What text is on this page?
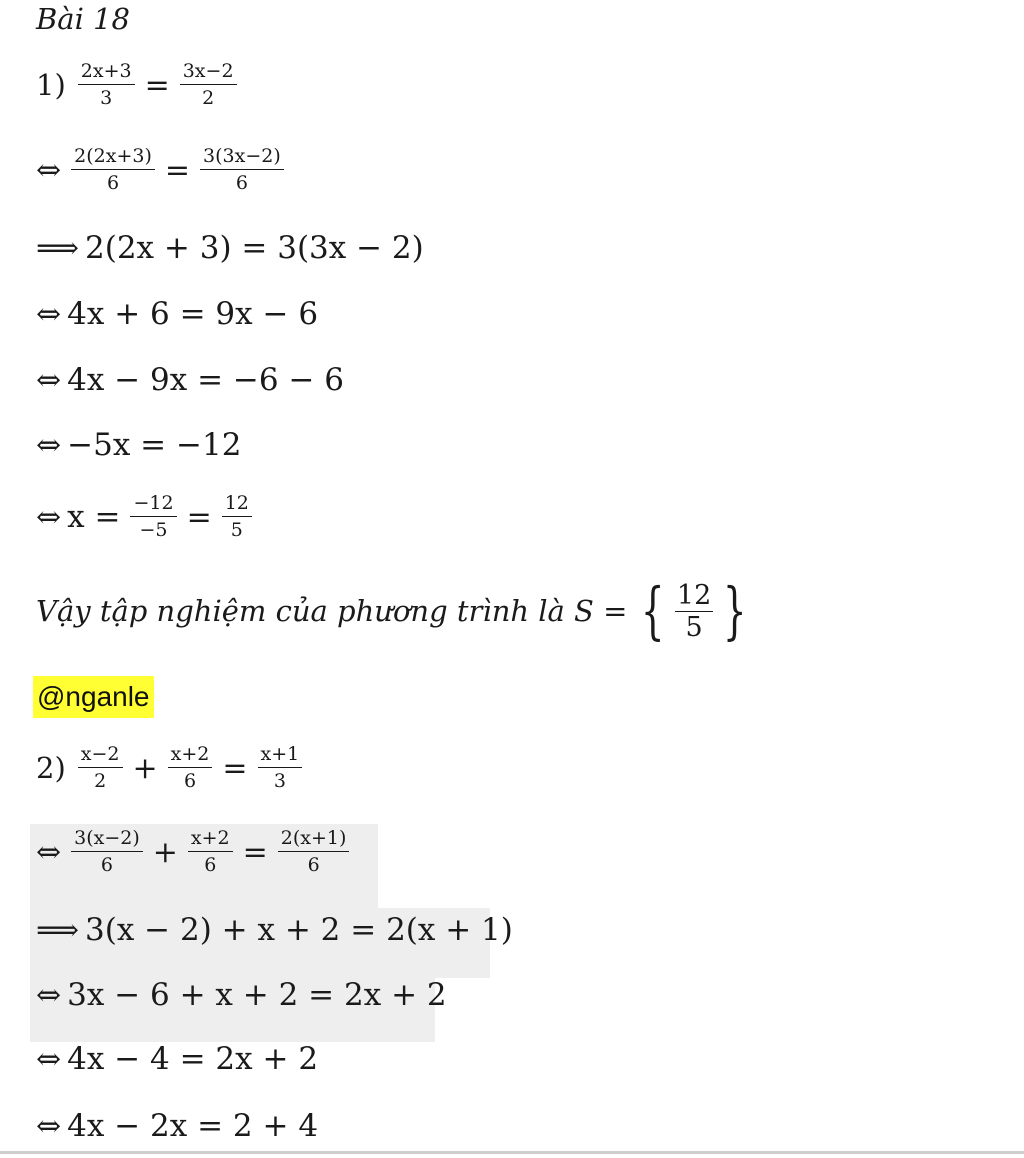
Bài 18
$1) \frac{2x+3}{3} = \frac{3x-2}{2}$
⇔ $\frac{2(2x+3)}{6} = \frac{3(3x-2)}{6}$
⟹ 2(2x + 3) = 3(3x − 2)
⇔ 4x + 6 = 9x − 6
⇔ 4x − 9x = −6 − 6
⇔ −5x = −12
⇔ $x = \frac{-12}{-5} = \frac{12}{5}$
Vậy tập nghiệm của phương trình là S = { $\frac{12}{5}$ }
@nganle
$2) \frac{x-2}{2} + \frac{x+2}{6} = \frac{x+1}{3}$
⇔ $\frac{3(x-2)}{6} + \frac{x+2}{6} = \frac{2(x+1)}{6}$
⟹ 3(x − 2) + x + 2 = 2(x + 1)
⇔ 3x − 6 + x + 2 = 2x + 2
⇔ 4x − 4 = 2x + 2
⇔ 4x − 2x = 2 + 4
